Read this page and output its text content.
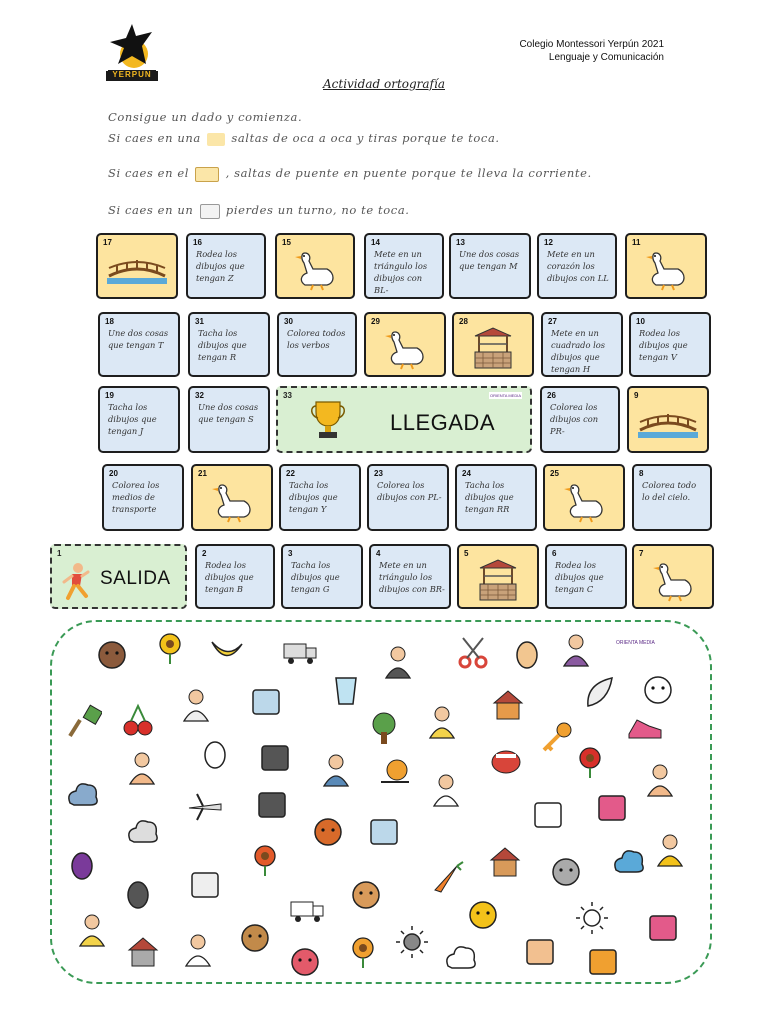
YERPUN
Colegio Montessori Yerpún 2021
Lenguaje y Comunicación
Actividad ortografía
Consigue un dado y comienza.
Si caes en una	saltas de oca a oca y tiras porque te toca.
Si caes en el	, saltas de puente en puente porque te lleva la corriente.
Si caes en un	pierdes un turno, no te toca.
17	16
Rodea los dibujos que tengan Z
15	14
Mete en un triángulo los dibujos con BL-
13
Une dos cosas que tengan M
12
Mete en un corazón los dibujos con LL
11
18
Une dos cosas que tengan T
31
Tacha los dibujos que tengan R
30
Colorea todos los verbos
29	28	27
Mete en un cuadrado los dibujos que tengan H
10
Rodea los dibujos que tengan V
19
Tacha los dibujos que tengan J
32
Une dos cosas que tengan S
26
Colorea los dibujos con PR-
9
20
Colorea los medios de transporte
21	22
Tacha los dibujos que tengan Y
23
Colorea los dibujos con PL-
24
Tacha los dibujos que tengan RR
25	8
Colorea todo lo del cielo.
2
Rodea los dibujos que tengan B
3
Tacha los dibujos que tengan G
4
Mete en un triángulo los dibujos con BR-
5	6
Rodea los dibujos que tengan C
7
33
LLEGADA
ORIENTA MEDIA
1
SALIDA
ORIENTA MEDIA
